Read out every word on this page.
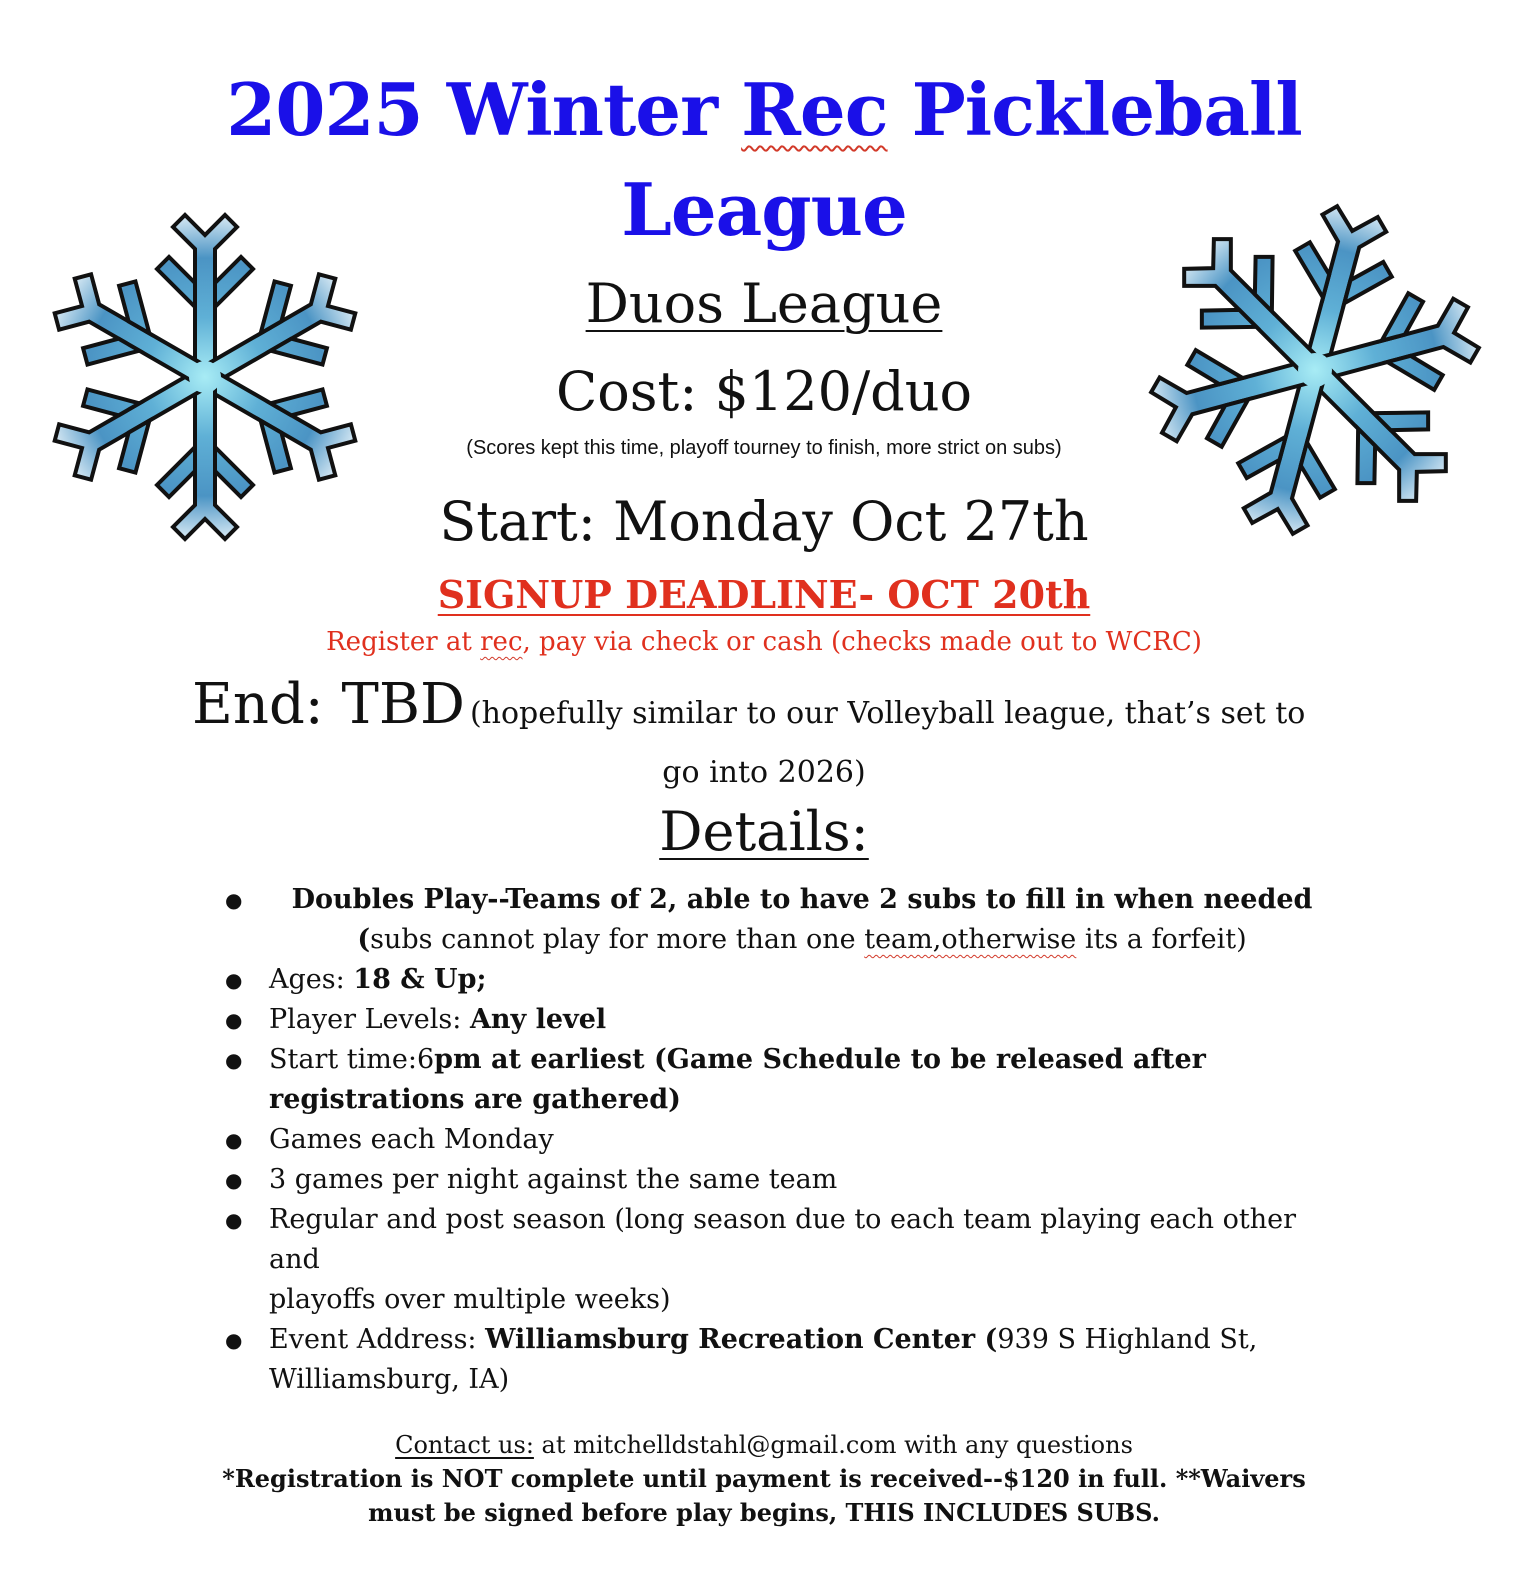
2025 Winter Rec Pickleball
League
Duos League
Cost: $120/duo
(Scores kept this time, playoff tourney to finish, more strict on subs)
Start: Monday Oct 27th
SIGNUP DEADLINE- OCT 20th
Register at rec, pay via check or cash (checks made out to WCRC)
End: TBD (hopefully similar to our Volleyball league, that’s set to
go into 2026)
Details:
● Doubles Play--Teams of 2, able to have 2 subs to fill in when needed
(subs cannot play for more than one team,otherwise its a forfeit)
● Ages: 18 & Up;
● Player Levels: Any level
● Start time:6pm at earliest (Game Schedule to be released after
registrations are gathered)
● Games each Monday
● 3 games per night against the same team
● Regular and post season (long season due to each team playing each other and
playoffs over multiple weeks)
● Event Address: Williamsburg Recreation Center (939 S Highland St,
Williamsburg, IA)
Contact us: at mitchelldstahl@gmail.com with any questions
*Registration is NOT complete until payment is received--$120 in full. **Waivers
must be signed before play begins, THIS INCLUDES SUBS.
